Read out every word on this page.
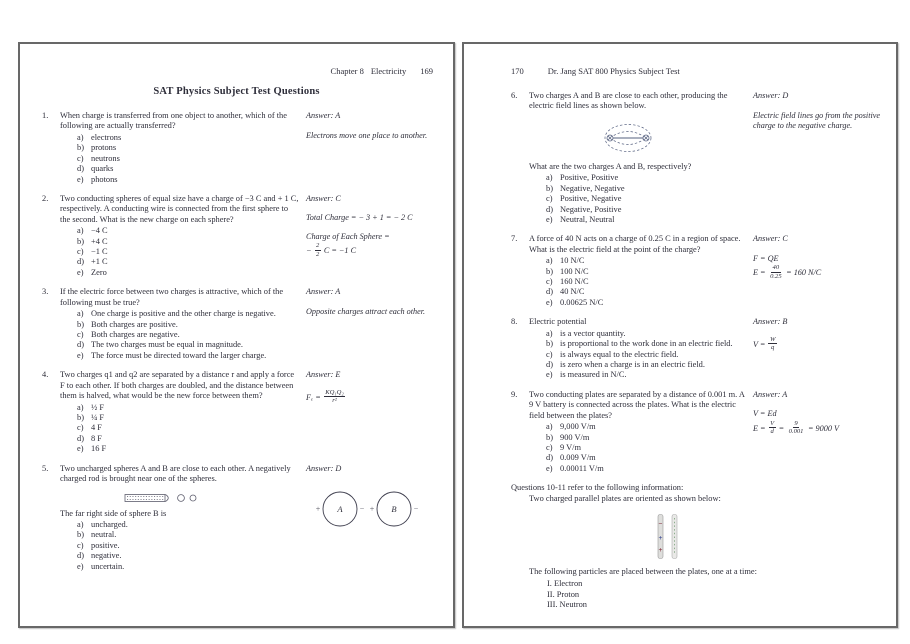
Chapter 8 Electricity 169
SAT Physics Subject Test Questions
1.	When charge is transferred from one object to another, which of the following are actually transferred?

a) electrons
b) protons
c) neutrons
d) quarks
e) photons
Answer: A
Electrons move one place to another.
2.	Two conducting spheres of equal size have a charge of −3 C and + 1 C, respectively. A conducting wire is connected from the first sphere to the second. What is the new charge on each sphere?

a) −4 C
b) +4 C
c) −1 C
d) +1 C
e) Zero
Answer: C
Total Charge = − 3 + 1 = − 2 C
Charge of Each Sphere =
− $\frac{2}{2}$ C = −1 C
3.	If the electric force between two charges is attractive, which of the following must be true?

a) One charge is positive and the other charge is negative.
b) Both charges are positive.
c) Both charges are negative.
d) The two charges must be equal in magnitude.
e) The force must be directed toward the larger charge.
Answer: A
Opposite charges attract each other.
4.	Two charges q1 and q2 are separated by a distance r and apply a force F to each other. If both charges are doubled, and the distance between them is halved, what would be the new force between them?

a) ½ F
b) ¼ F
c) 4 F
d) 8 F
e) 16 F
Answer: E
$F_e = \frac{\text{KQ₁Q₂}}{\text{r²}}$
5.	Two uncharged spheres A and B are close to each other. A negatively charged rod is brought near one of the spheres.

The far right side of sphere B is

a) uncharged.
b) neutral.
c) positive.
d) negative.
e) uncertain.
Answer: D
A	B
+	− +	−
170	Dr. Jang SAT 800 Physics Subject Test
6.	Two charges A and B are close to each other, producing the electric field lines as shown below.

What are the two charges A and B, respectively?

a) Positive, Positive
b) Negative, Negative
c) Positive, Negative
d) Negative, Positive
e) Neutral, Neutral
Answer: D
Electric field lines go from the positive charge to the negative charge.
7.	A force of 40 N acts on a charge of 0.25 C in a region of space. What is the electric field at the point of the charge?

a) 10 N/C
b) 100 N/C
c) 160 N/C
d) 40 N/C
e) 0.00625 N/C
Answer: C
F = QE
$E = \frac{40}{0.25} = 160$ N/C
8.	Electric potential

a) is a vector quantity.
b) is proportional to the work done in an electric field.
c) is always equal to the electric field.
d) is zero when a charge is in an electric field.
e) is measured in N/C.
Answer: B
$V = \frac{W}{q}$
9.	Two conducting plates are separated by a distance of 0.001 m. A 9 V battery is connected across the plates. What is the electric field between the plates?

a) 9,000 V/m
b) 900 V/m
c) 9 V/m
d) 0.009 V/m
e) 0.00011 V/m
Answer: A
V = Ed
$E = \frac{V}{d} = \frac{9}{0.001} = 9000$ V

Questions 10-11 refer to the following information:

Two charged parallel plates are oriented as shown below:

−
+
+

The following particles are placed between the plates, one at a time:

I. Electron
II. Proton
III. Neutron
